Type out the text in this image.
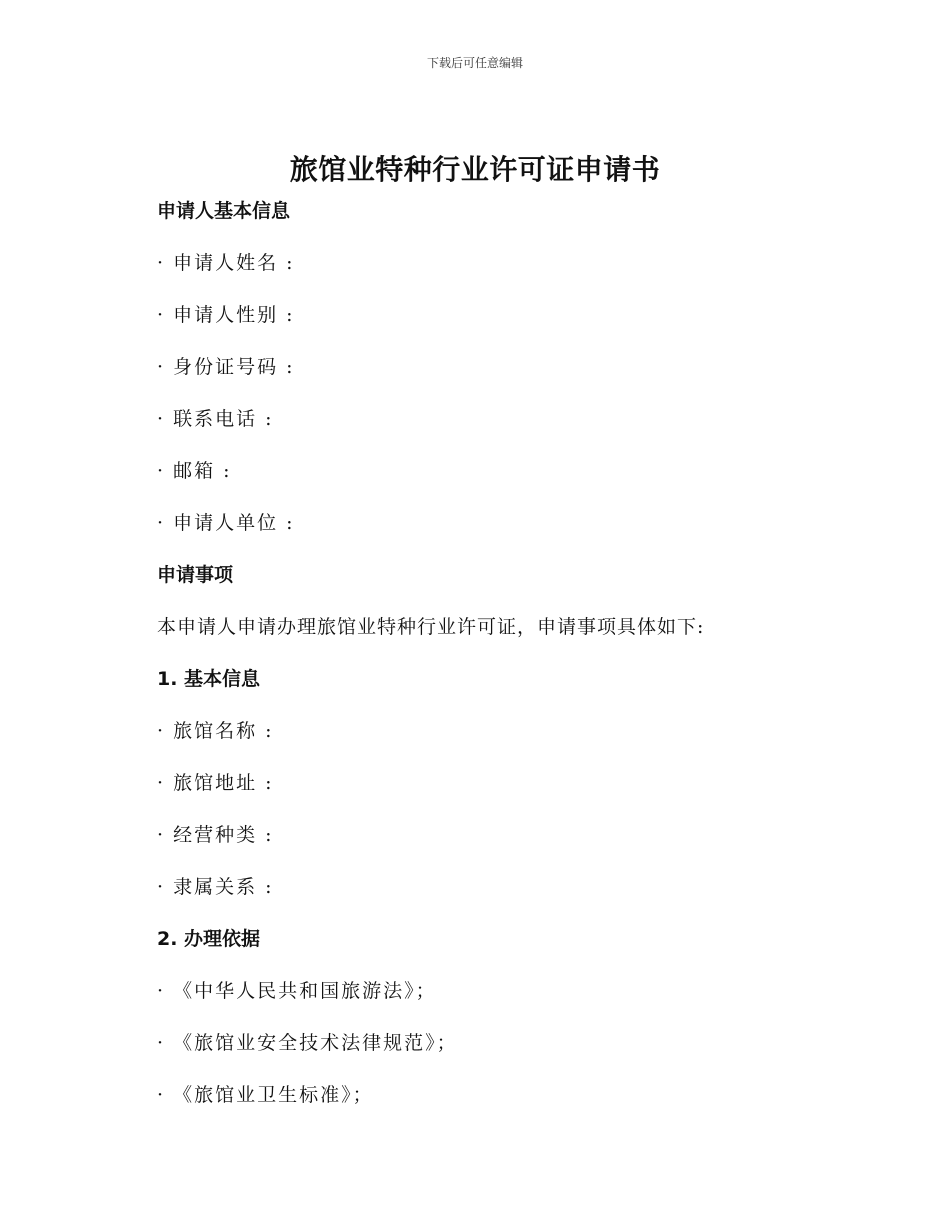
下载后可任意编辑
旅馆业特种行业许可证申请书
申请人基本信息
· 申请人姓名 :
· 申请人性别 :
· 身份证号码 :
· 联系电话 :
· 邮箱 :
· 申请人单位 :
申请事项
本申请人申请办理旅馆业特种行业许可证，申请事项具体如下:
1. 基本信息
· 旅馆名称 :
· 旅馆地址 :
· 经营种类 :
· 隶属关系 :
2. 办理依据
· 《中华人民共和国旅游法》；
· 《旅馆业安全技术法律规范》；
· 《旅馆业卫生标准》；
